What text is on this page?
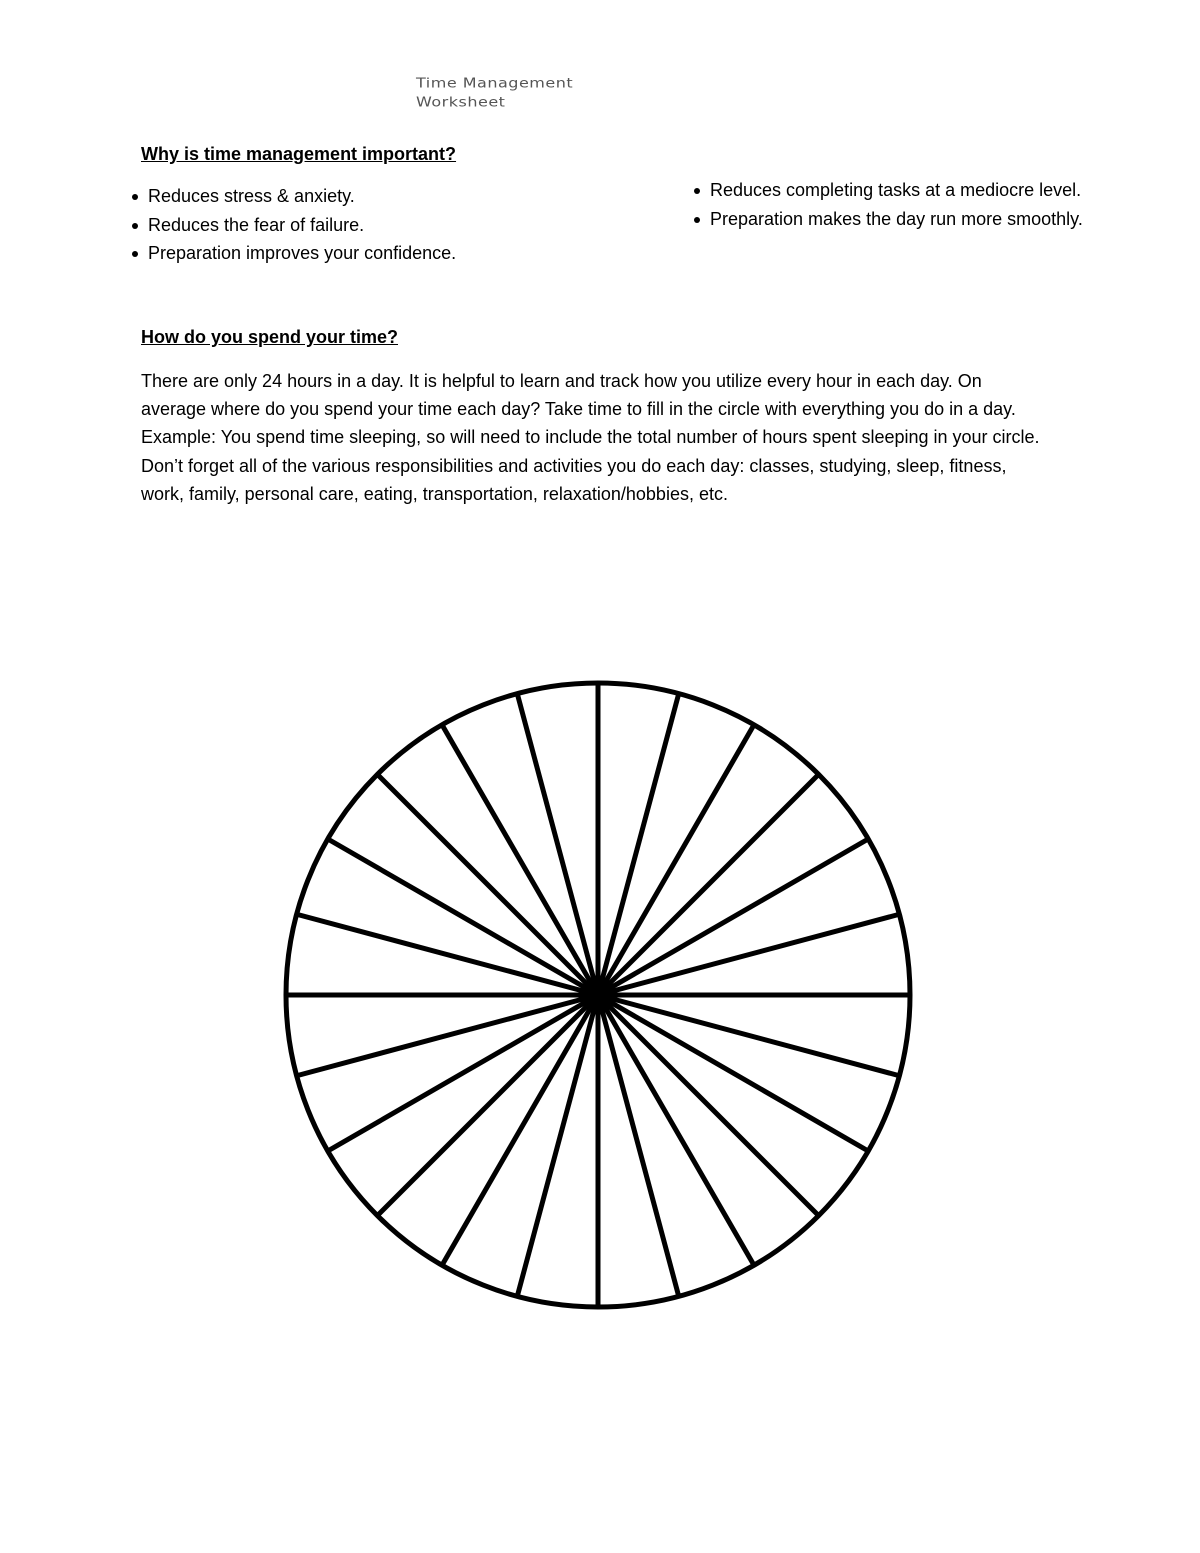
Time Management
Worksheet
Why is time management important?
Reduces stress & anxiety.
Reduces the fear of failure.
Preparation improves your confidence.
Reduces completing tasks at a mediocre level.
Preparation makes the day run more smoothly.
How do you spend your time?

There are only 24 hours in a day. It is helpful to learn and track how you utilize every hour in each day. On average where do you spend your time each day? Take time to fill in the circle with everything you do in a day. Example: You spend time sleeping, so will need to include the total number of hours spent sleeping in your circle. Don’t forget all of the various responsibilities and activities you do each day: classes, studying, sleep, fitness, work, family, personal care, eating, transportation, relaxation/hobbies, etc.
